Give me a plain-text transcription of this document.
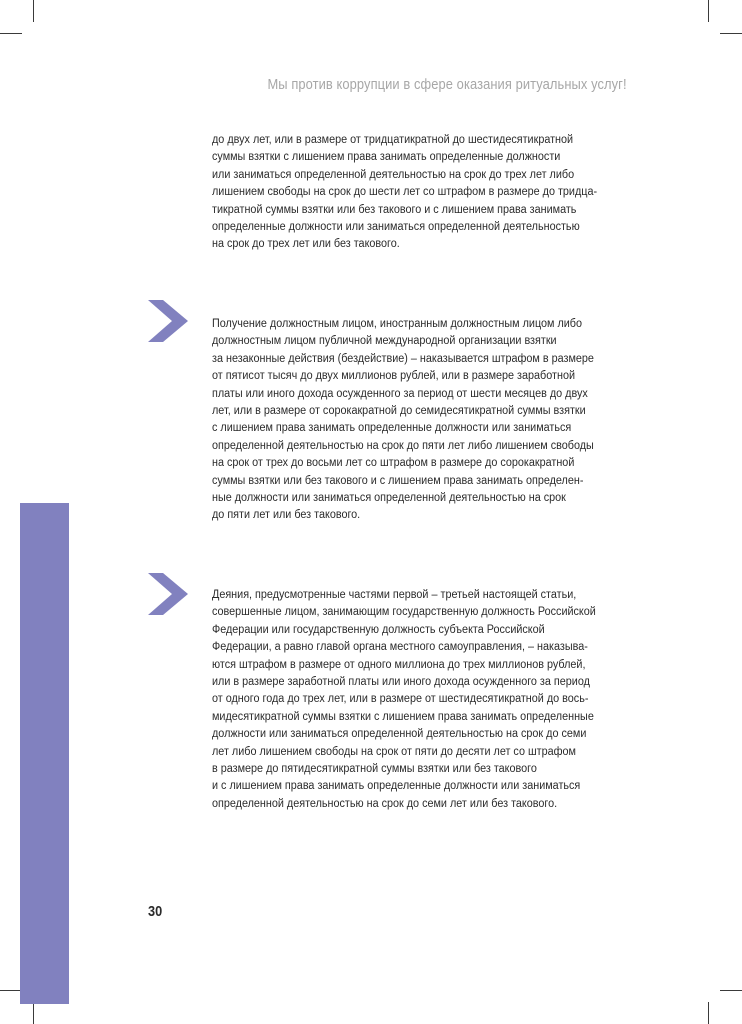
Мы против коррупции в сфере оказания ритуальных услуг!
до двух лет, или в размере от тридцатикратной до шестидесятикратной
суммы взятки с лишением права занимать определенные должности
или заниматься определенной деятельностью на срок до трех лет либо
лишением свободы на срок до шести лет со штрафом в размере до тридца-
тикратной суммы взятки или без такового и с лишением права занимать
определенные должности или заниматься определенной деятельностью
на срок до трех лет или без такового.
Получение должностным лицом, иностранным должностным лицом либо
должностным лицом публичной международной организации взятки
за незаконные действия (бездействие) – наказывается штрафом в размере
от пятисот тысяч до двух миллионов рублей, или в размере заработной
платы или иного дохода осужденного за период от шести месяцев до двух
лет, или в размере от сорокакратной до семидесятикратной суммы взятки
с лишением права занимать определенные должности или заниматься
определенной деятельностью на срок до пяти лет либо лишением свободы
на срок от трех до восьми лет со штрафом в размере до сорокакратной
суммы взятки или без такового и с лишением права занимать определен-
ные должности или заниматься определенной деятельностью на срок
до пяти лет или без такового.
Деяния, предусмотренные частями первой – третьей настоящей статьи,
совершенные лицом, занимающим государственную должность Российской
Федерации или государственную должность субъекта Российской
Федерации, а равно главой органа местного самоуправления, – наказыва-
ются штрафом в размере от одного миллиона до трех миллионов рублей,
или в размере заработной платы или иного дохода осужденного за период
от одного года до трех лет, или в размере от шестидесятикратной до вось-
мидесятикратной суммы взятки с лишением права занимать определенные
должности или заниматься определенной деятельностью на срок до семи
лет либо лишением свободы на срок от пяти до десяти лет со штрафом
в размере до пятидесятикратной суммы взятки или без такового
и с лишением права занимать определенные должности или заниматься
определенной деятельностью на срок до семи лет или без такового.
30
